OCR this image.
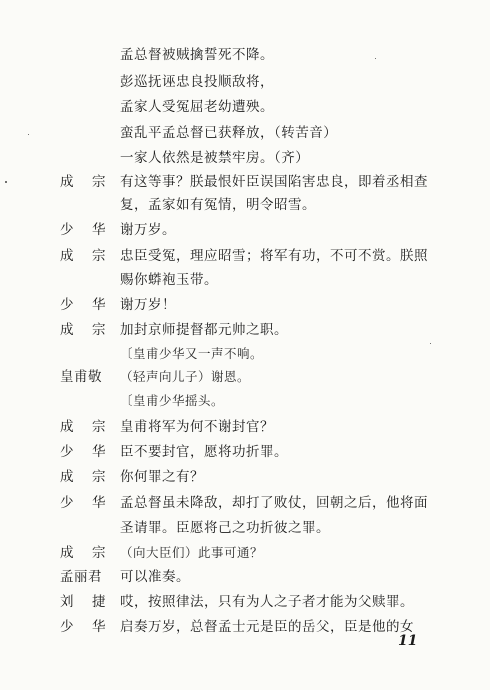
孟总督被贼擒誓死不降。
彭巡抚诬忠良投顺敌将，
孟家人受冤屈老幼遭殃。
蛮乱平孟总督已获释放，（转苦音）
一家人依然是被禁牢房。（齐）
成 宗	有这等事？朕最恨奸臣误国陷害忠良，即着丞相查
复，孟家如有冤情，明令昭雪。
少 华	谢万岁。
成 宗	忠臣受冤，理应昭雪；将军有功，不可不赏。朕照
赐你蟒袍玉带。
少 华	谢万岁！
成 宗	加封京师提督都元帅之职。
〔皇甫少华又一声不响。
皇甫敬	（轻声向儿子）谢恩。
〔皇甫少华摇头。
成 宗	皇甫将军为何不谢封官？
少 华	臣不要封官，愿将功折罪。
成 宗	你何罪之有？
少 华	孟总督虽未降敌，却打了败仗，回朝之后，他将面
圣请罪。臣愿将己之功折彼之罪。
成 宗	（向大臣们）此事可通？
孟丽君	可以准奏。
刘 捷	哎，按照律法，只有为人之子者才能为父赎罪。
少 华	启奏万岁，总督孟士元是臣的岳父，臣是他的女
11
